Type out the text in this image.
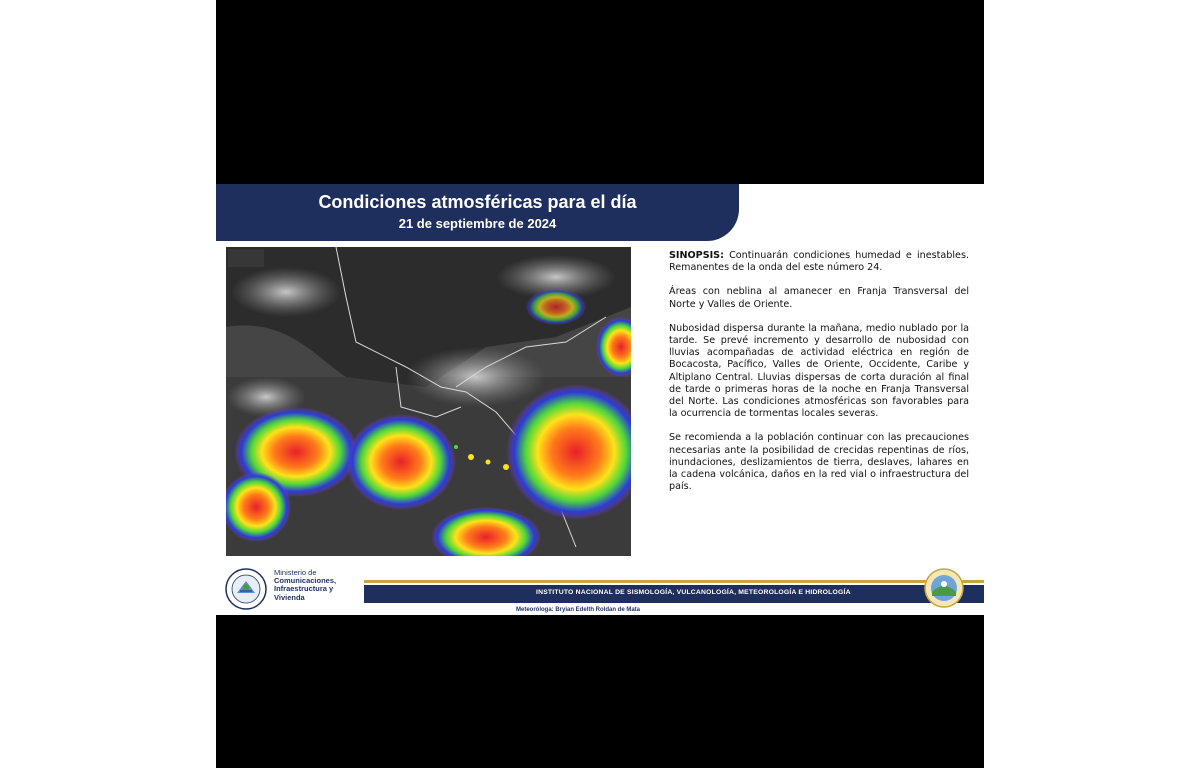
Condiciones atmosféricas para el día
21 de septiembre de 2024

SINOPSIS: Continuarán condiciones humedad e inestables. Remanentes de la onda del este número 24.

Áreas con neblina al amanecer en Franja Transversal del Norte y Valles de Oriente.

Nubosidad dispersa durante la mañana, medio nublado por la tarde. Se prevé incremento y desarrollo de nubosidad con lluvias acompañadas de actividad eléctrica en región de Bocacosta, Pacífico, Valles de Oriente, Occidente, Caribe y Altiplano Central. Lluvias dispersas de corta duración al final de tarde o primeras horas de la noche en Franja Transversal del Norte. Las condiciones atmosféricas son favorables para la ocurrencia de tormentas locales severas.

Se recomienda a la población continuar con las precauciones necesarias ante la posibilidad de crecidas repentinas de ríos, inundaciones, deslizamientos de tierra, deslaves, lahares en la cadena volcánica, daños en la red vial o infraestructura del país.

Ministerio de
Comunicaciones,
Infraestructura y
Vivienda
INSTITUTO NACIONAL DE SISMOLOGÍA, VULCANOLOGÍA, METEOROLOGÍA E HIDROLOGÍA
Meteoróloga: Bryian Edelth Roldan de Mata
